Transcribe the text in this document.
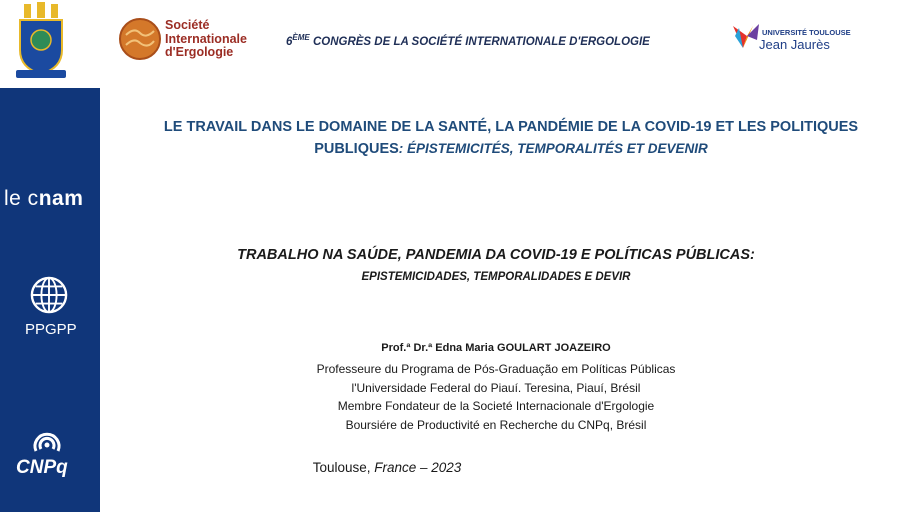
le cnam
PPGPP
CNPq
Société
Internationale
d'Ergologie
6ÈME CONGRÈS DE LA SOCIÉTÉ INTERNATIONALE D'ERGOLOGIE
UNIVERSITÉ TOULOUSE
Jean Jaurès
LE TRAVAIL DANS LE DOMAINE DE LA SANTÉ, LA PANDÉMIE DE LA COVID-19 ET LES POLITIQUES
PUBLIQUES: ÉPISTEMICITÉS, TEMPORALITÉS ET DEVENIR
TRABALHO NA SAÚDE, PANDEMIA DA COVID-19 E POLÍTICAS PÚBLICAS:
EPISTEMICIDADES, TEMPORALIDADES E DEVIR
Prof.ª Dr.ª Edna Maria GOULART JOAZEIRO
Professeure du Programa de Pós-Graduação em Políticas Públicas
l'Universidade Federal do Piauí. Teresina, Piauí, Brésil
Membre Fondateur de la Societé Internacionale d'Ergologie
Boursiére de Productivité en Recherche du CNPq, Brésil
Toulouse, France – 2023
